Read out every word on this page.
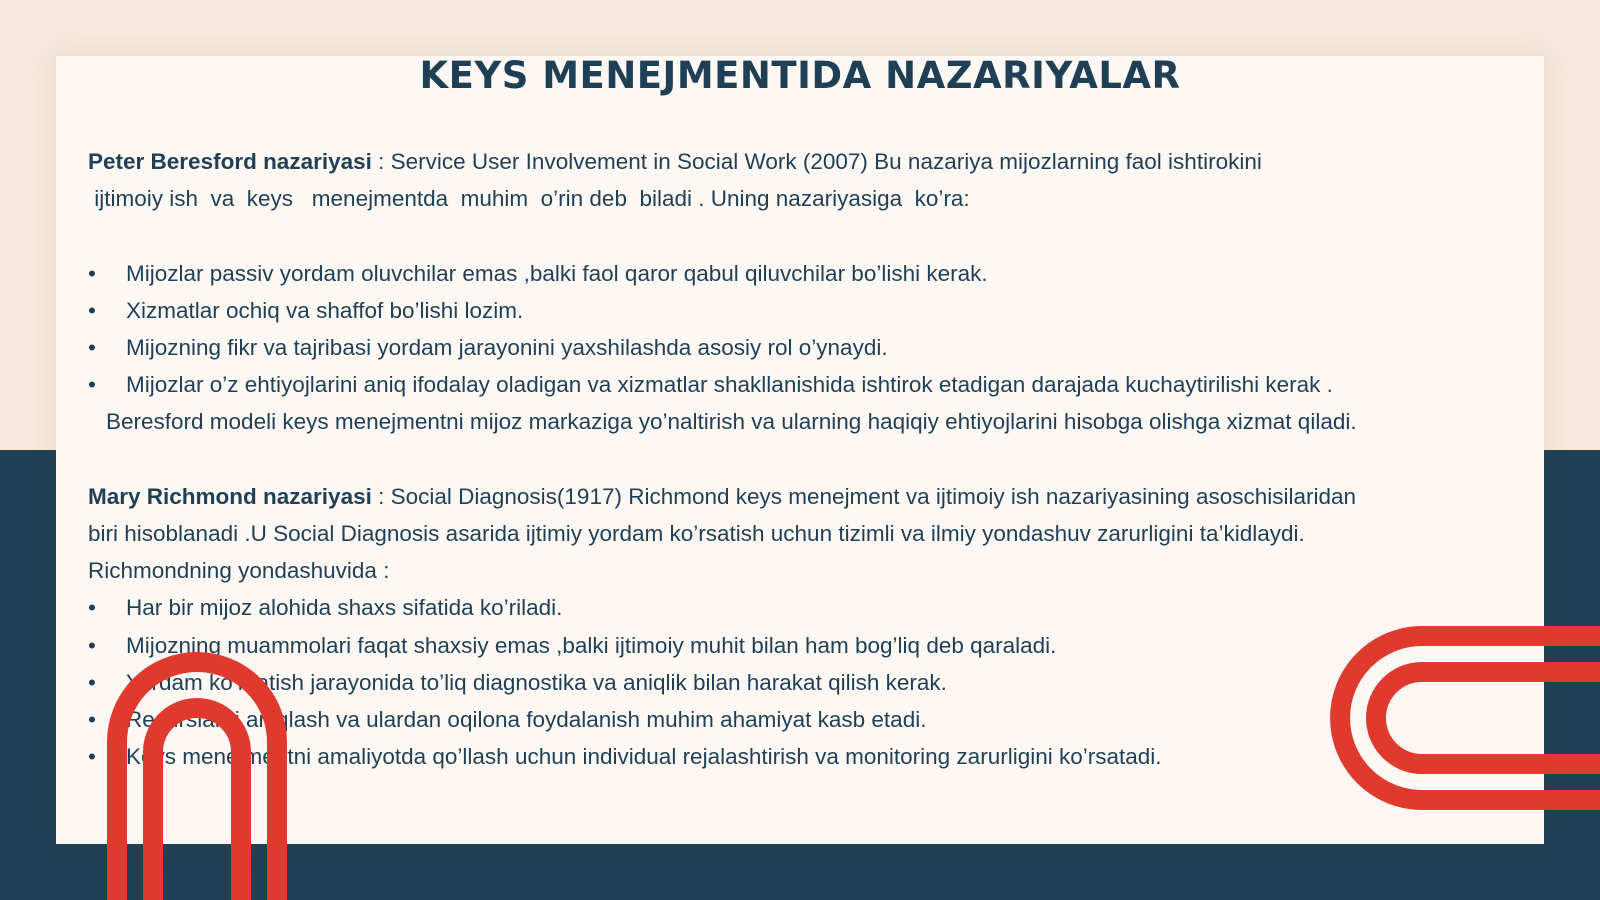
KEYS MENEJMENTIDA NAZARIYALAR

Peter Beresford nazariyasi : Service User Involvement in Social Work (2007) Bu nazariya mijozlarning faol ishtirokini

ijtimoiy ish  va  keys   menejmentda  muhim  o’rin deb  biladi . Uning nazariyasiga  ko’ra:

• Mijozlar passiv yordam oluvchilar emas ,balki faol qaror qabul qiluvchilar bo’lishi kerak.
• Xizmatlar ochiq va shaffof bo’lishi lozim.
• Mijozning fikr va tajribasi yordam jarayonini yaxshilashda asosiy rol o’ynaydi.
• Mijozlar o’z ehtiyojlarini aniq ifodalay oladigan va xizmatlar shakllanishida ishtirok etadigan darajada kuchaytirilishi kerak .

Beresford modeli keys menejmentni mijoz markaziga yo’naltirish va ularning haqiqiy ehtiyojlarini hisobga olishga xizmat qiladi.

Mary Richmond nazariyasi : Social Diagnosis(1917) Richmond keys menejment va ijtimoiy ish nazariyasining asoschisilaridan

biri hisoblanadi .U Social Diagnosis asarida ijtimiy yordam ko’rsatish uchun tizimli va ilmiy yondashuv zarurligini ta’kidlaydi.

Richmondning yondashuvida :

• Har bir mijoz alohida shaxs sifatida ko’riladi.
• Mijozning muammolari faqat shaxsiy emas ,balki ijtimoiy muhit bilan ham bog’liq deb qaraladi.
• Yordam ko’rsatish jarayonida to’liq diagnostika va aniqlik bilan harakat qilish kerak.
• Resurslarni aniqlash va ulardan oqilona foydalanish muhim ahamiyat kasb etadi.
• Keys menejmentni amaliyotda qo’llash uchun individual rejalashtirish va monitoring zarurligini ko’rsatadi.
